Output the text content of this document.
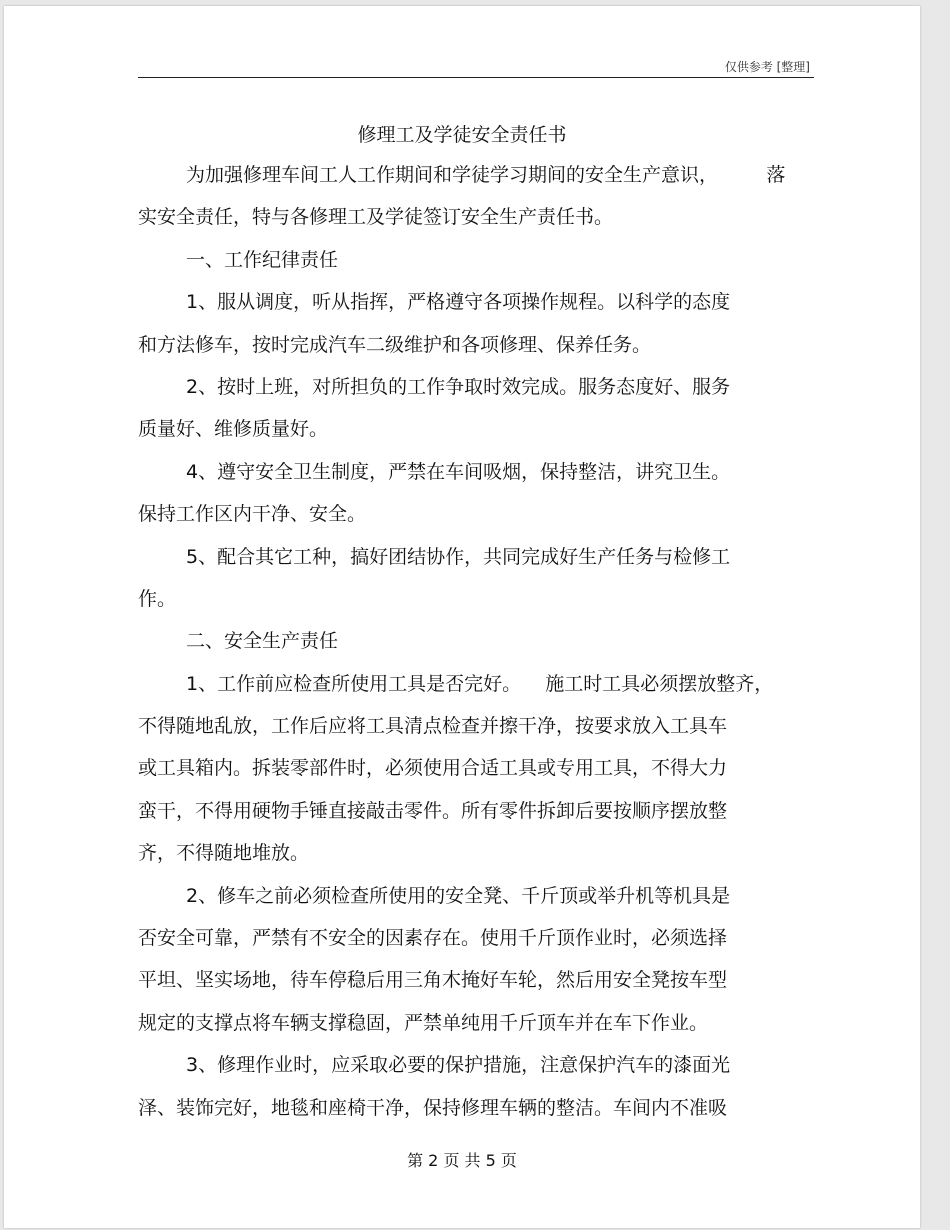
仅供参考 [整理]
修理工及学徒安全责任书
为加强修理车间工人工作期间和学徒学习期间的安全生产意识，        落
实安全责任，特与各修理工及学徒签订安全生产责任书。
一、工作纪律责任
1、服从调度，听从指挥，严格遵守各项操作规程。以科学的态度
和方法修车，按时完成汽车二级维护和各项修理、保养任务。
2、按时上班，对所担负的工作争取时效完成。服务态度好、服务
质量好、维修质量好。
4、遵守安全卫生制度，严禁在车间吸烟，保持整洁，讲究卫生。
保持工作区内干净、安全。
5、配合其它工种，搞好团结协作，共同完成好生产任务与检修工
作。
二、安全生产责任
1、工作前应检查所使用工具是否完好。    施工时工具必须摆放整齐，
不得随地乱放，工作后应将工具清点检查并擦干净，按要求放入工具车
或工具箱内。拆装零部件时，必须使用合适工具或专用工具，不得大力
蛮干，不得用硬物手锤直接敲击零件。所有零件拆卸后要按顺序摆放整
齐，不得随地堆放。
2、修车之前必须检查所使用的安全凳、千斤顶或举升机等机具是
否安全可靠，严禁有不安全的因素存在。使用千斤顶作业时，必须选择
平坦、坚实场地，待车停稳后用三角木掩好车轮，然后用安全凳按车型
规定的支撑点将车辆支撑稳固，严禁单纯用千斤顶车并在车下作业。
3、修理作业时，应采取必要的保护措施，注意保护汽车的漆面光
泽、装饰完好，地毯和座椅干净，保持修理车辆的整洁。车间内不准吸
第 2 页 共 5 页
